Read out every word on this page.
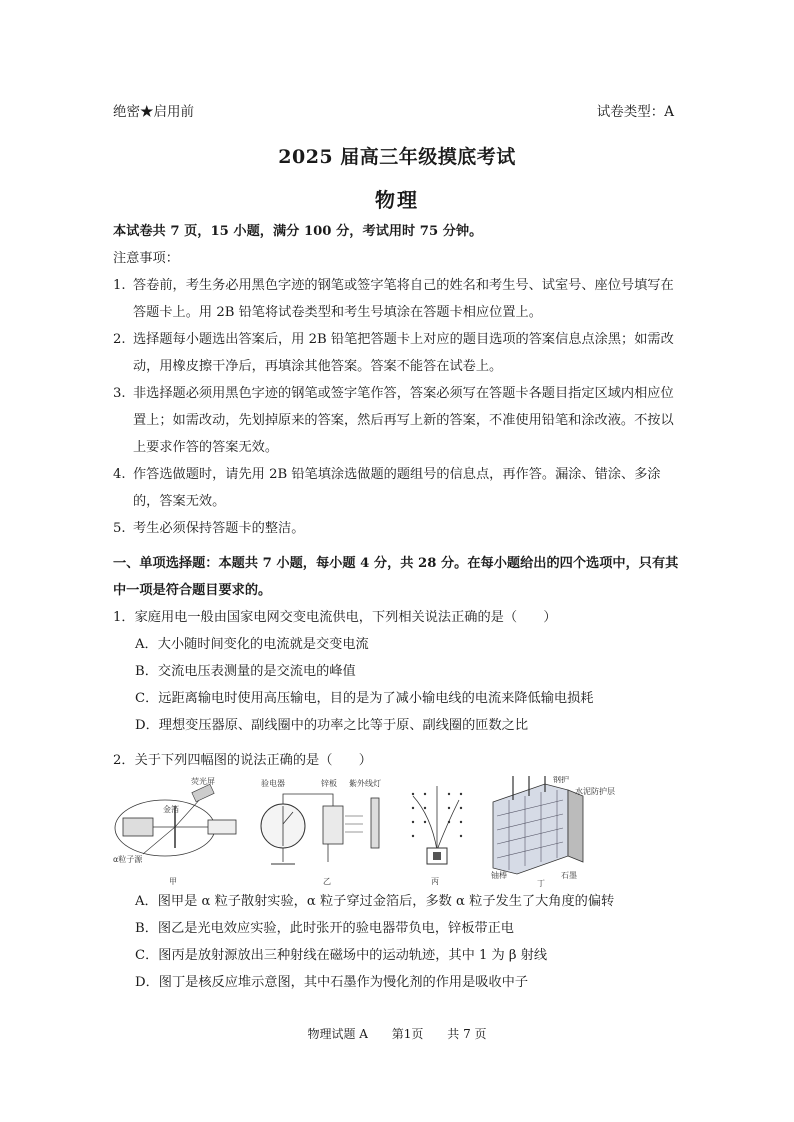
绝密★启用前	试卷类型：A
2025 届高三年级摸底考试
物理
本试卷共 7 页，15 小题，满分 100 分，考试用时 75 分钟。
注意事项：
1. 答卷前，考生务必用黑色字迹的钢笔或签字笔将自己的姓名和考生号、试室号、座位号填写在答题卡上。用 2B 铅笔将试卷类型和考生号填涂在答题卡相应位置上。
2. 选择题每小题选出答案后，用 2B 铅笔把答题卡上对应的题目选项的答案信息点涂黑；如需改动，用橡皮擦干净后，再填涂其他答案。答案不能答在试卷上。
3. 非选择题必须用黑色字迹的钢笔或签字笔作答，答案必须写在答题卡各题目指定区域内相应位置上；如需改动，先划掉原来的答案，然后再写上新的答案，不准使用铅笔和涂改液。不按以上要求作答的答案无效。
4. 作答选做题时，请先用 2B 铅笔填涂选做题的题组号的信息点，再作答。漏涂、错涂、多涂的，答案无效。
5. 考生必须保持答题卡的整洁。
一、单项选择题：本题共 7 小题，每小题 4 分，共 28 分。在每小题给出的四个选项中，只有其中一项是符合题目要求的。
1．家庭用电一般由国家电网交变电流供电，下列相关说法正确的是（　　）
A．大小随时间变化的电流就是交变电流
B．交流电压表测量的是交流电的峰值
C．远距离输电时使用高压输电，目的是为了减小输电线的电流来降低输电损耗
D．理想变压器原、副线圈中的功率之比等于原、副线圈的匝数之比
2．关于下列四幅图的说法正确的是（　　）
荧光屏
金箔
α粒子源
甲
验电器	锌板 紫外线灯
乙	丙
钢护
水泥防护层
铀棒	石墨
丁
A．图甲是 α 粒子散射实验，α 粒子穿过金箔后，多数 α 粒子发生了大角度的偏转
B．图乙是光电效应实验，此时张开的验电器带负电，锌板带正电
C．图丙是放射源放出三种射线在磁场中的运动轨迹，其中 1 为 β 射线
D．图丁是核反应堆示意图，其中石墨作为慢化剂的作用是吸收中子
物理试题 A 第1页 共 7 页
